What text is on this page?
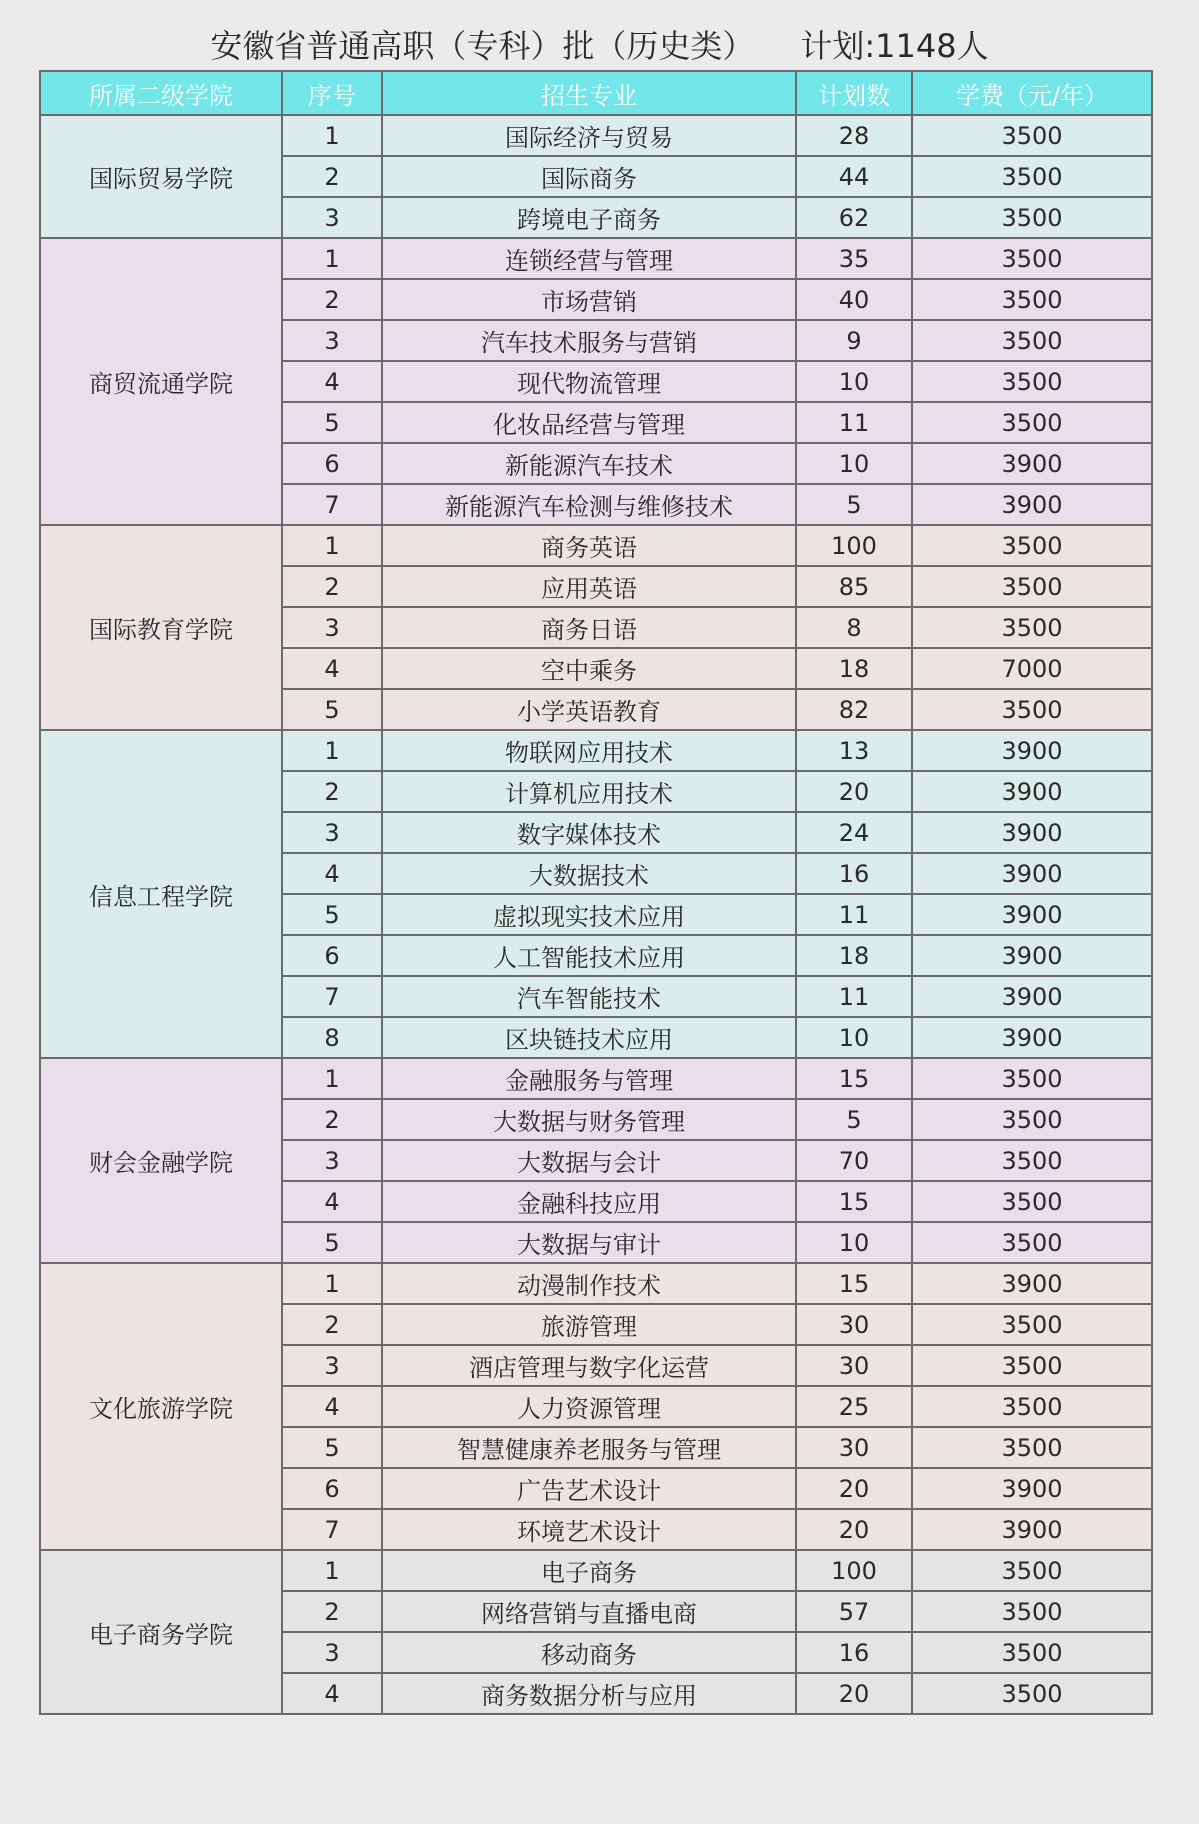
安徽省普通高职（专科）批（历史类） 计划:1148人
所属二级学院	序号	招生专业	计划数	学费（元/年）
国际贸易学院	1	国际经济与贸易	28	3500
	2	国际商务	44	3500
	3	跨境电子商务	62	3500
商贸流通学院	1	连锁经营与管理	35	3500
	2	市场营销	40	3500
	3	汽车技术服务与营销	9	3500
	4	现代物流管理	10	3500
	5	化妆品经营与管理	11	3500
	6	新能源汽车技术	10	3900
	7	新能源汽车检测与维修技术	5	3900
国际教育学院	1	商务英语	100	3500
	2	应用英语	85	3500
	3	商务日语	8	3500
	4	空中乘务	18	7000
	5	小学英语教育	82	3500
信息工程学院	1	物联网应用技术	13	3900
	2	计算机应用技术	20	3900
	3	数字媒体技术	24	3900
	4	大数据技术	16	3900
	5	虚拟现实技术应用	11	3900
	6	人工智能技术应用	18	3900
	7	汽车智能技术	11	3900
	8	区块链技术应用	10	3900
财会金融学院	1	金融服务与管理	15	3500
	2	大数据与财务管理	5	3500
	3	大数据与会计	70	3500
	4	金融科技应用	15	3500
	5	大数据与审计	10	3500
文化旅游学院	1	动漫制作技术	15	3900
	2	旅游管理	30	3500
	3	酒店管理与数字化运营	30	3500
	4	人力资源管理	25	3500
	5	智慧健康养老服务与管理	30	3500
	6	广告艺术设计	20	3900
	7	环境艺术设计	20	3900
电子商务学院	1	电子商务	100	3500
	2	网络营销与直播电商	57	3500
	3	移动商务	16	3500
	4	商务数据分析与应用	20	3500
